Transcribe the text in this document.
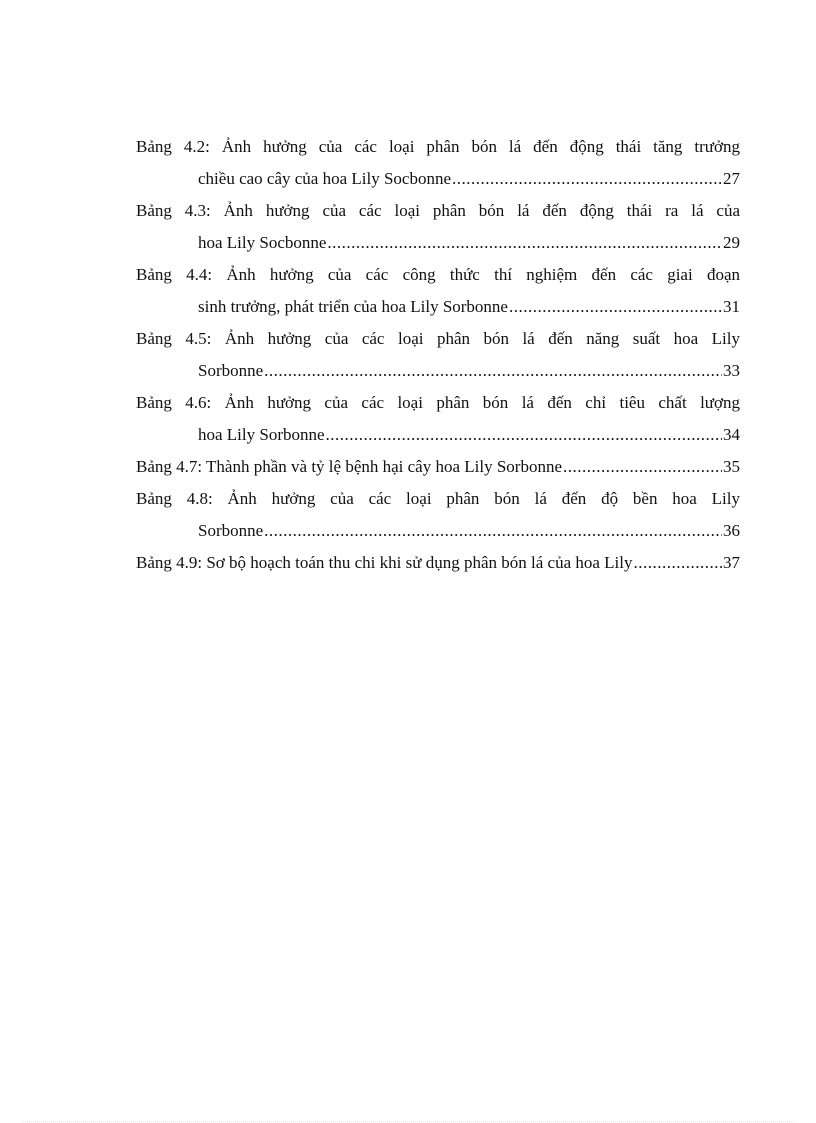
Bảng 4.2: Ảnh hưởng của các loại phân bón lá đến động thái tăng trưởng
chiều cao cây của hoa Lily Socbonne .....	27
Bảng 4.3: Ảnh hưởng của các loại phân bón lá đến động thái ra lá của
hoa Lily Socbonne .....	29
Bảng 4.4: Ảnh hưởng của các công thức thí nghiệm đến các giai đoạn
sinh trưởng, phát triển của hoa Lily Sorbonne .....	31
Bảng 4.5: Ảnh hưởng của các loại phân bón lá đến năng suất hoa Lily
Sorbonne .....	33
Bảng 4.6: Ảnh hưởng của các loại phân bón lá đến chỉ tiêu chất lượng
hoa Lily Sorbonne .....	34
Bảng 4.7: Thành phần và tỷ lệ bệnh hại cây hoa Lily Sorbonne .....	35
Bảng 4.8: Ảnh hưởng của các loại phân bón lá đến độ bền hoa Lily
Sorbonne .....	36
Bảng 4.9: Sơ bộ hoạch toán thu chi khi sử dụng phân bón lá của hoa Lily .....	37
